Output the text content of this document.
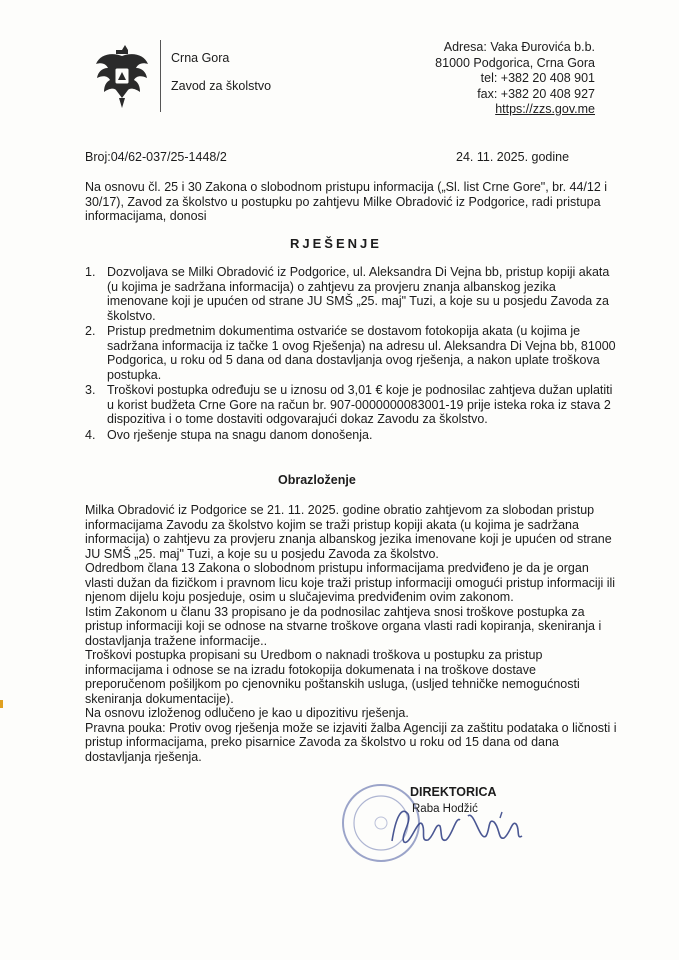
Crna Gora
Zavod za školstvo
Adresa: Vaka Đurovića b.b.
81000 Podgorica, Crna Gora
tel: +382 20 408 901
fax: +382 20 408 927
https://zzs.gov.me
Broj:04/62-037/25-1448/2	24. 11. 2025. godine
Na osnovu čl. 25 i 30 Zakona o slobodnom pristupu informacija („Sl. list Crne Gore", br. 44/12 i 30/17), Zavod za školstvo u postupku po zahtjevu Milke Obradović iz Podgorice, radi pristupa informacijama, donosi
RJEŠENJE
1. Dozvoljava se Milki Obradović iz Podgorice, ul. Aleksandra Di Vejna bb, pristup kopiji akata (u kojima je sadržana informacija) o zahtjevu za provjeru znanja albanskog jezika imenovane koji je upućen od strane JU SMŠ „25. maj" Tuzi, a koje su u posjedu Zavoda za školstvo.
2. Pristup predmetnim dokumentima ostvariće se dostavom fotokopija akata (u kojima je sadržana informacija iz tačke 1 ovog Rješenja) na adresu ul. Aleksandra Di Vejna bb, 81000 Podgorica, u roku od 5 dana od dana dostavljanja ovog rješenja, a nakon uplate troškova postupka.
3. Troškovi postupka određuju se u iznosu od 3,01 € koje je podnosilac zahtjeva dužan uplatiti u korist budžeta Crne Gore na račun br. 907-0000000083001-19 prije isteka roka iz stava 2 dispozitiva i o tome dostaviti odgovarajući dokaz Zavodu za školstvo.
4. Ovo rješenje stupa na snagu danom donošenja.
Obrazloženje

Milka Obradović iz Podgorice se 21. 11. 2025. godine obratio zahtjevom za slobodan pristup informacijama Zavodu za školstvo kojim se traži pristup kopiji akata (u kojima je sadržana informacija) o zahtjevu za provjeru znanja albanskog jezika imenovane koji je upućen od strane JU SMŠ „25. maj" Tuzi, a koje su u posjedu Zavoda za školstvo.

Odredbom člana 13 Zakona o slobodnom pristupu informacijama predviđeno je da je organ vlasti dužan da fizičkom i pravnom licu koje traži pristup informaciji omogući pristup informaciji ili njenom dijelu koju posjeduje, osim u slučajevima predviđenim ovim zakonom.

Istim Zakonom u članu 33 propisano je da podnosilac zahtjeva snosi troškove postupka za pristup informaciji koji se odnose na stvarne troškove organa vlasti radi kopiranja, skeniranja i dostavljanja tražene informacije..

Troškovi postupka propisani su Uredbom o naknadi troškova u postupku za pristup informacijama i odnose se na izradu fotokopija dokumenata i na troškove dostave preporučenom pošiljkom po cjenovniku poštanskih usluga, (usljed tehničke nemogućnosti skeniranja dokumentacije).

Na osnovu izloženog odlučeno je kao u dipozitivu rješenja.

Pravna pouka: Protiv ovog rješenja može se izjaviti žalba Agenciji za zaštitu podataka o ličnosti i pristup informacijama, preko pisarnice Zavoda za školstvo u roku od 15 dana od dana dostavljanja rješenja.

DIREKTORICA
Raba Hodžić
